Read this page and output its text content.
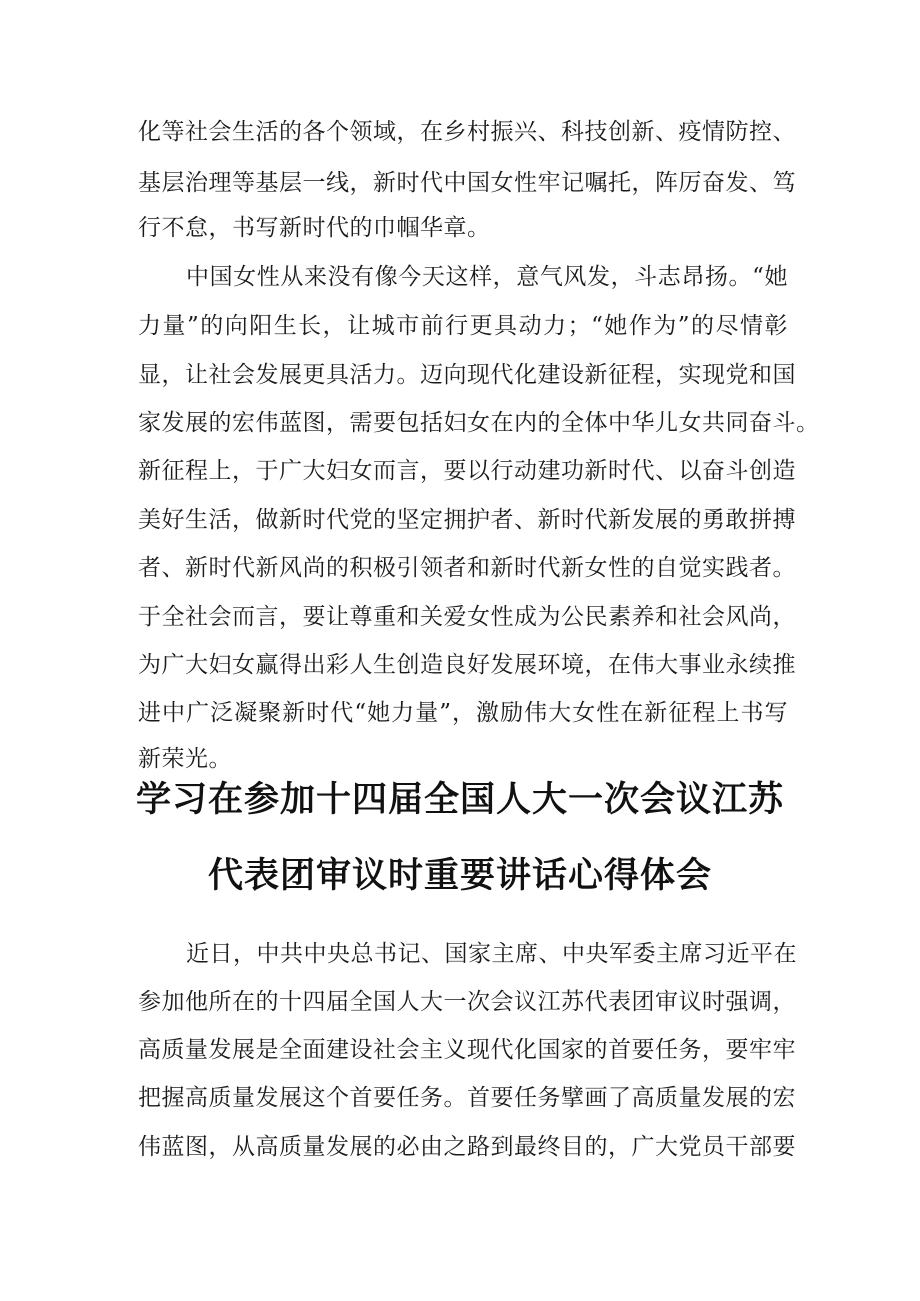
化等社会生活的各个领域，在乡村振兴、科技创新、疫情防控、
基层治理等基层一线，新时代中国女性牢记嘱托，阵厉奋发、笃
行不怠，书写新时代的巾帼华章。
中国女性从来没有像今天这样，意气风发，斗志昂扬。“她
力量”的向阳生长，让城市前行更具动力；“她作为”的尽情彰
显，让社会发展更具活力。迈向现代化建设新征程，实现党和国
家发展的宏伟蓝图，需要包括妇女在内的全体中华儿女共同奋斗。
新征程上，于广大妇女而言，要以行动建功新时代、以奋斗创造
美好生活，做新时代党的坚定拥护者、新时代新发展的勇敢拼搏
者、新时代新风尚的积极引领者和新时代新女性的自觉实践者。
于全社会而言，要让尊重和关爱女性成为公民素养和社会风尚，
为广大妇女赢得出彩人生创造良好发展环境，在伟大事业永续推
进中广泛凝聚新时代“她力量”，激励伟大女性在新征程上书写
新荣光。
学习在参加十四届全国人大一次会议江苏
代表团审议时重要讲话心得体会
近日，中共中央总书记、国家主席、中央军委主席习近平在
参加他所在的十四届全国人大一次会议江苏代表团审议时强调，
高质量发展是全面建设社会主义现代化国家的首要任务，要牢牢
把握高质量发展这个首要任务。首要任务擘画了高质量发展的宏
伟蓝图，从高质量发展的必由之路到最终目的，广大党员干部要
